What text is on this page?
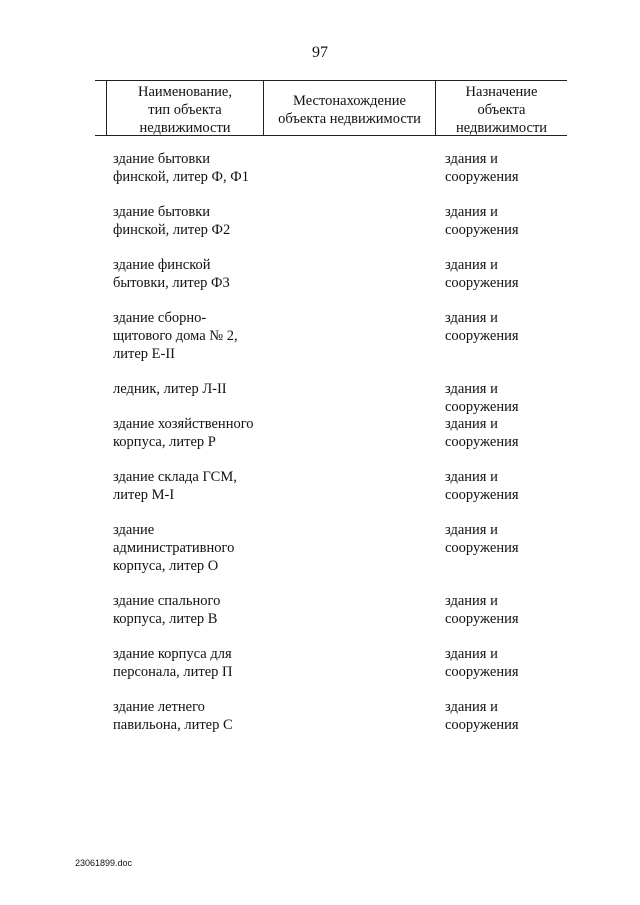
97
Наименование,
тип объекта
недвижимости
Местонахождение
объекта недвижимости
Назначение
объекта
недвижимости
здание бытовки
финской, литер Ф, Ф1
здания и
сооружения
здание бытовки
финской, литер Ф2
здания и
сооружения
здание финской
бытовки, литер Ф3
здания и
сооружения
здание сборно-
щитового дома № 2,
литер Е-II
здания и
сооружения
ледник, литер Л-II	здания и
сооружения
здание хозяйственного
корпуса, литер Р
здания и
сооружения
здание склада ГСМ,
литер М-I
здания и
сооружения
здание
административного
корпуса, литер О
здания и
сооружения
здание спального
корпуса, литер В
здания и
сооружения
здание корпуса для
персонала, литер П
здания и
сооружения
здание летнего
павильона, литер С
здания и
сооружения
23061899.doc
